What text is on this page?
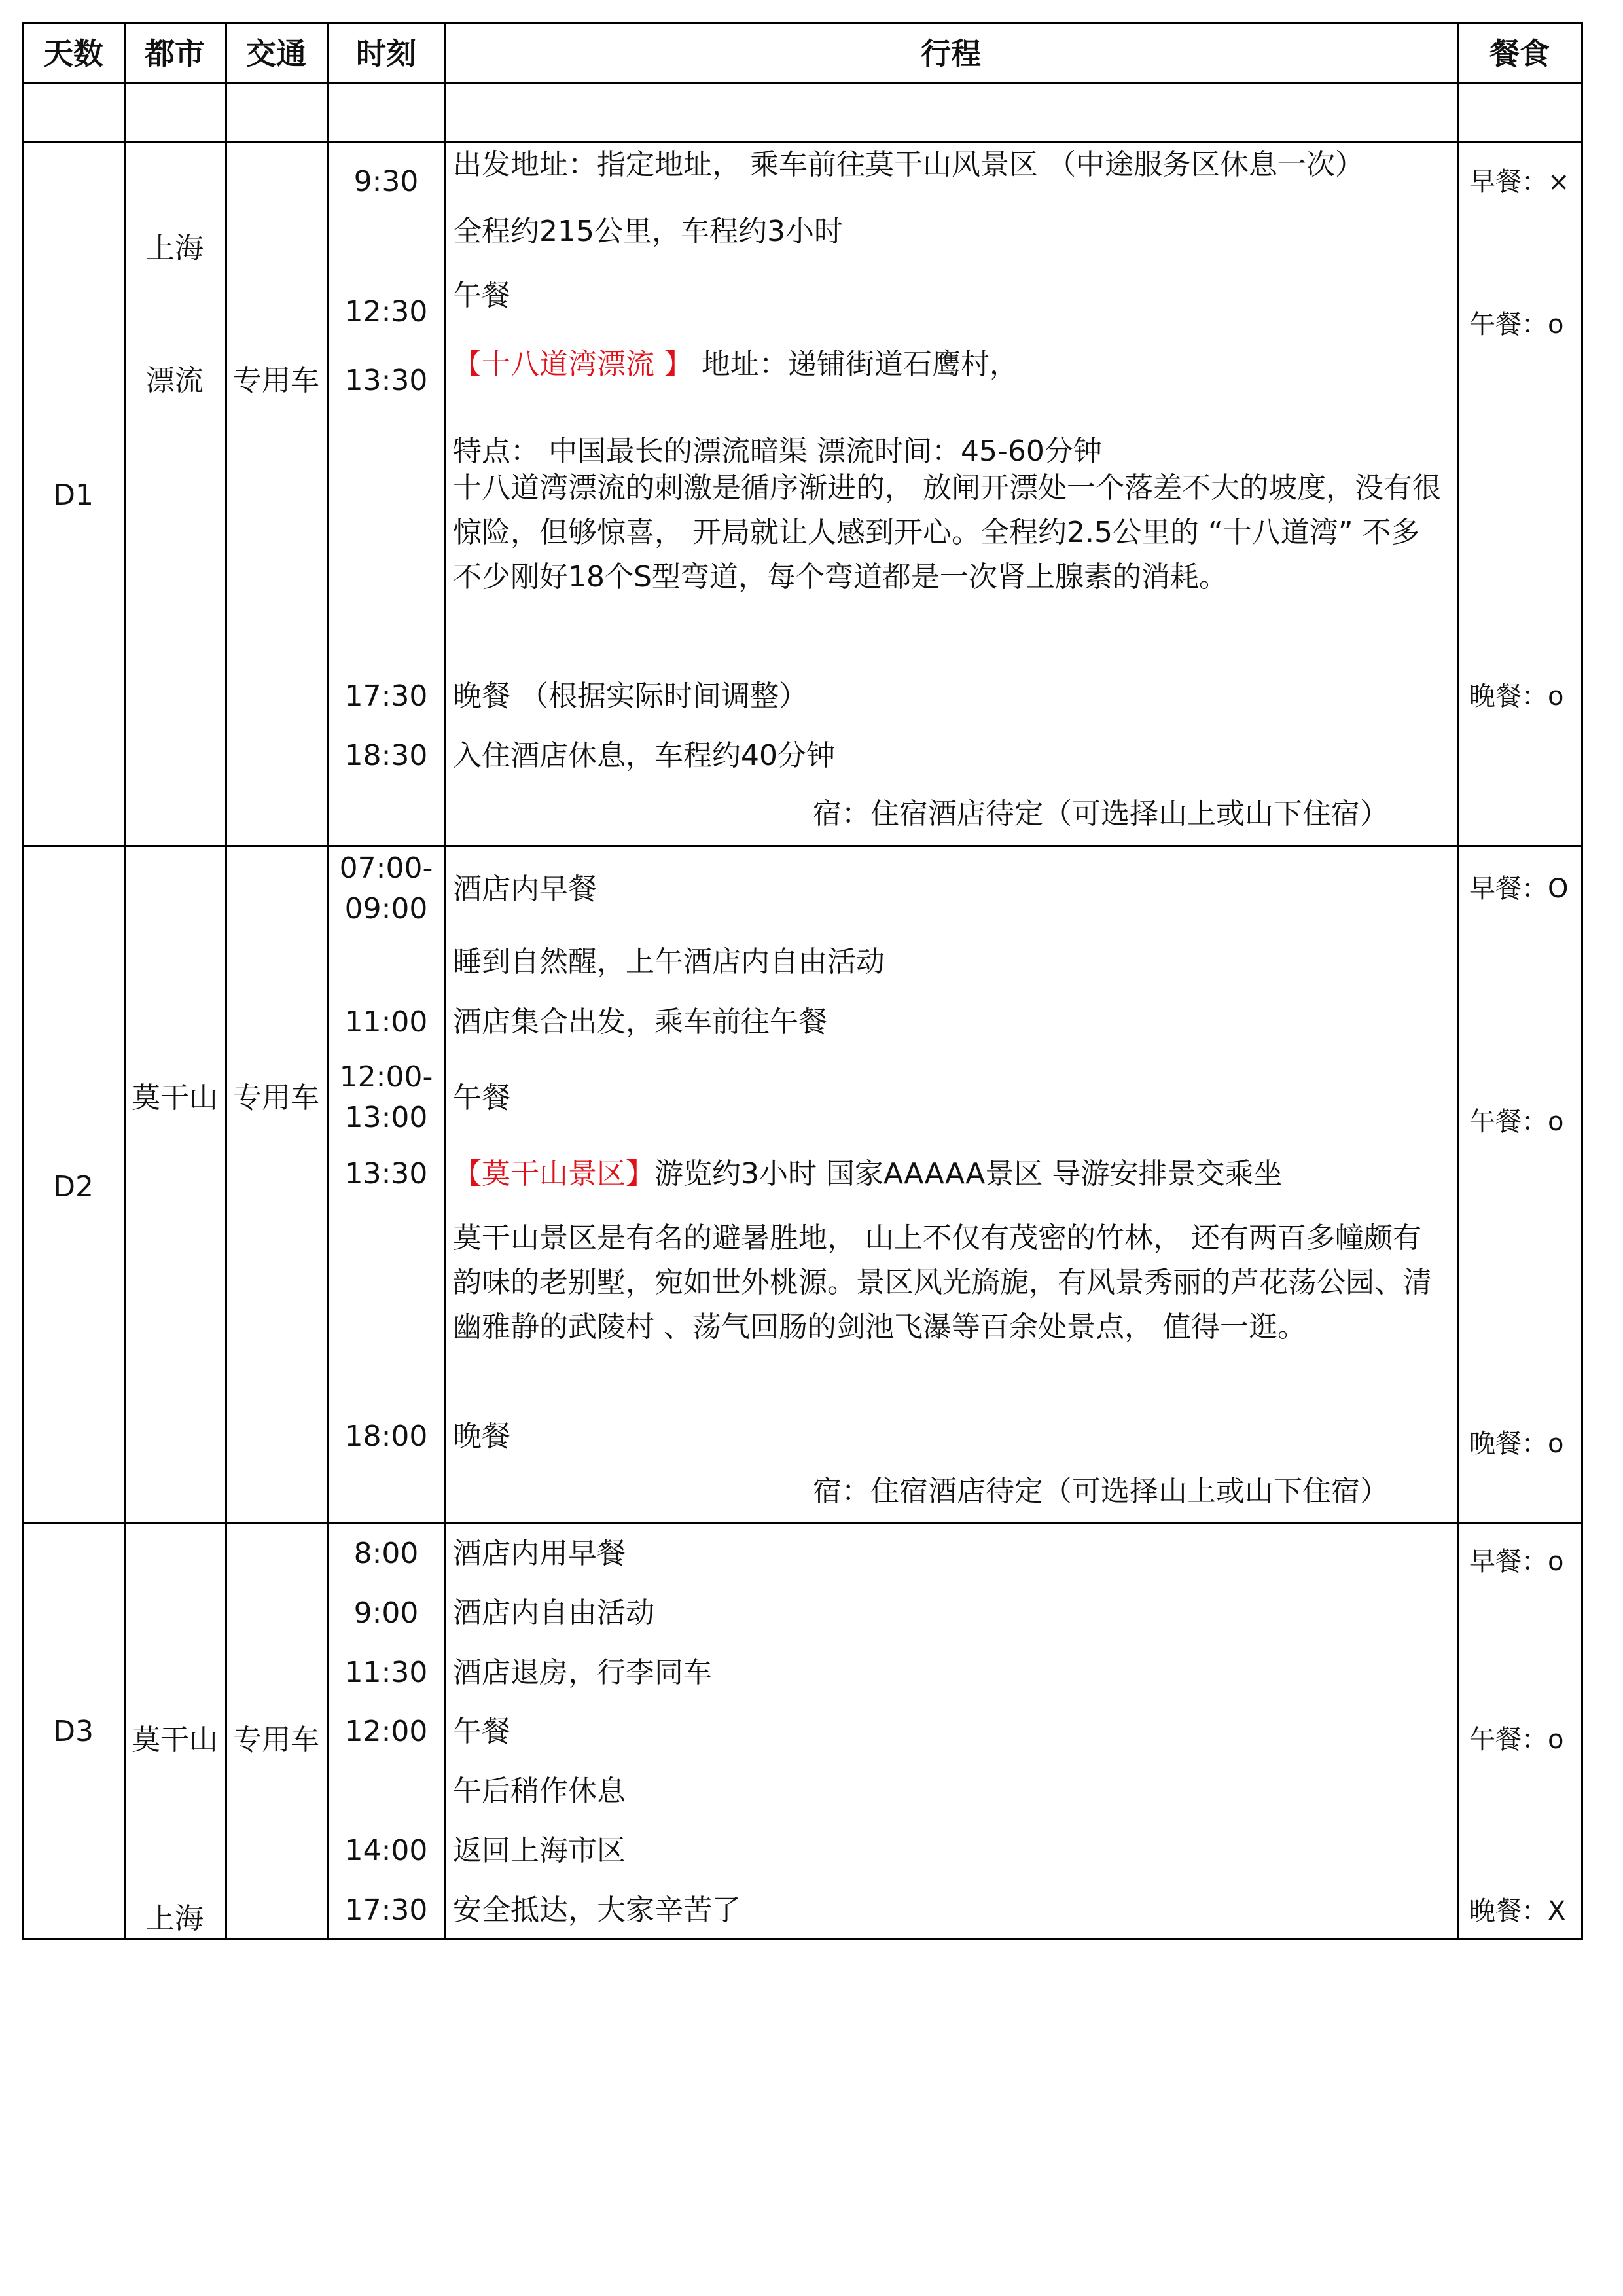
天数 都市 交通 时刻	行程	餐食
D1
上海
漂流 专用车
9:30
12:30
13:30
17:30
18:30
出发地址：指定地址， 乘车前往莫干山风景区 （中途服务区休息一次）
全程约215公里，车程约3小时
午餐
【十八道湾漂流 】 地址：递铺街道石鹰村，
特点： 中国最长的漂流暗渠 漂流时间：45-60分钟
十八道湾漂流的刺激是循序渐进的， 放闸开漂处一个落差不大的坡度，没有很惊险，但够惊喜， 开局就让人感到开心。全程约2.5公里的 “十八道湾” 不多不少刚好18个S型弯道，每个弯道都是一次肾上腺素的消耗。
晚餐 （根据实际时间调整）
入住酒店休息，车程约40分钟
宿：住宿酒店待定（可选择山上或山下住宿）
早餐：×
午餐：o
晚餐：o
D2
莫干山 专用车
07:00-
09:00
11:00
12:00-
13:00
13:30
18:00
酒店内早餐
睡到自然醒，上午酒店内自由活动
酒店集合出发，乘车前往午餐
午餐
【莫干山景区】游览约3小时 国家AAAAA景区 导游安排景交乘坐
莫干山景区是有名的避暑胜地， 山上不仅有茂密的竹林， 还有两百多幢颇有韵味的老别墅，宛如世外桃源。景区风光旖旎，有风景秀丽的芦花荡公园、清幽雅静的武陵村 、荡气回肠的剑池飞瀑等百余处景点， 值得一逛。
晚餐
宿：住宿酒店待定（可选择山上或山下住宿）
早餐：O
午餐：o
晚餐：o
D3 莫干山
上海
专用车
8:00
9:00
11:30
12:00
14:00
17:30
酒店内用早餐
酒店内自由活动
酒店退房，行李同车
午餐
午后稍作休息
返回上海市区
安全抵达，大家辛苦了
早餐：o
午餐：o
晚餐：X
